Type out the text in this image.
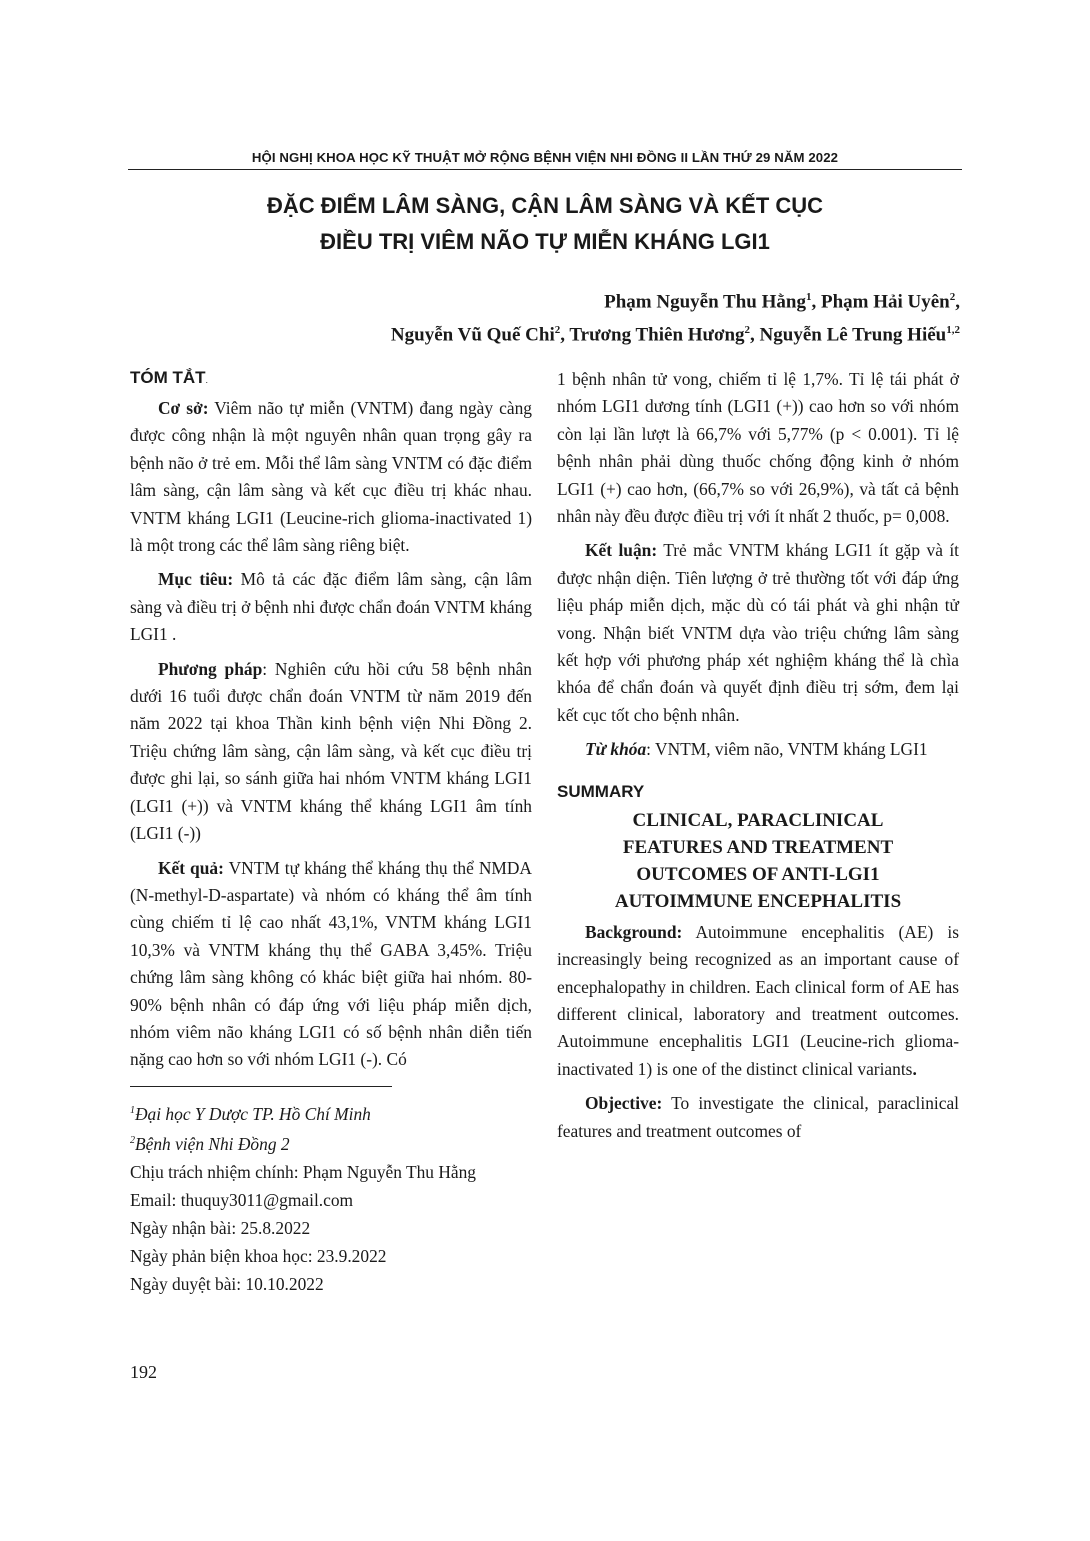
HỘI NGHỊ KHOA HỌC KỸ THUẬT MỞ RỘNG BỆNH VIỆN NHI ĐỒNG II LẦN THỨ 29 NĂM 2022
ĐẶC ĐIỂM LÂM SÀNG, CẬN LÂM SÀNG VÀ KẾT CỤC
ĐIỀU TRỊ VIÊM NÃO TỰ MIỄN KHÁNG LGI1
Phạm Nguyễn Thu Hằng$^1$, Phạm Hải Uyên$^2$,
Nguyễn Vũ Quế Chi$^2$, Trương Thiên Hương$^2$, Nguyễn Lê Trung Hiếu$^{1,2}$
TÓM TẮT.

Cơ sở: Viêm não tự miễn (VNTM) đang ngày càng được công nhận là một nguyên nhân quan trọng gây ra bệnh não ở trẻ em. Mỗi thể lâm sàng VNTM có đặc điểm lâm sàng, cận lâm sàng và kết cục điều trị khác nhau. VNTM kháng LGI1 (Leucine-rich glioma-inactivated 1) là một trong các thể lâm sàng riêng biệt.

Mục tiêu: Mô tả các đặc điểm lâm sàng, cận lâm sàng và điều trị ở bệnh nhi được chẩn đoán VNTM kháng LGI1 .

Phương pháp: Nghiên cứu hồi cứu 58 bệnh nhân dưới 16 tuổi được chẩn đoán VNTM từ năm 2019 đến năm 2022 tại khoa Thần kinh bệnh viện Nhi Đồng 2. Triệu chứng lâm sàng, cận lâm sàng, và kết cục điều trị được ghi lại, so sánh giữa hai nhóm VNTM kháng LGI1 (LGI1 (+)) và VNTM kháng thể kháng LGI1 âm tính (LGI1 (-))

Kết quả: VNTM tự kháng thể kháng thụ thể NMDA (N-methyl-D-aspartate) và nhóm có kháng thể âm tính cùng chiếm tỉ lệ cao nhất 43,1%, VNTM kháng LGI1 10,3% và VNTM kháng thụ thể GABA 3,45%. Triệu chứng lâm sàng không có khác biệt giữa hai nhóm. 80-90% bệnh nhân có đáp ứng với liệu pháp miễn dịch, nhóm viêm não kháng LGI1 có số bệnh nhân diễn tiến nặng cao hơn so với nhóm LGI1 (-). Có

$^1$Đại học Y Dược TP. Hồ Chí Minh

$^2$Bệnh viện Nhi Đồng 2

Chịu trách nhiệm chính: Phạm Nguyễn Thu Hằng

Email: thuquy3011@gmail.com

Ngày nhận bài: 25.8.2022

Ngày phản biện khoa học: 23.9.2022

Ngày duyệt bài: 10.10.2022

1 bệnh nhân tử vong, chiếm tỉ lệ 1,7%. Tỉ lệ tái phát ở nhóm LGI1 dương tính (LGI1 (+)) cao hơn so với nhóm còn lại lần lượt là 66,7% với 5,77% (p < 0.001). Tỉ lệ bệnh nhân phải dùng thuốc chống động kinh ở nhóm LGI1 (+) cao hơn, (66,7% so với 26,9%), và tất cả bệnh nhân này đều được điều trị với ít nhất 2 thuốc, p= 0,008.

Kết luận: Trẻ mắc VNTM kháng LGI1 ít gặp và ít được nhận diện. Tiên lượng ở trẻ thường tốt với đáp ứng liệu pháp miễn dịch, mặc dù có tái phát và ghi nhận tử vong. Nhận biết VNTM dựa vào triệu chứng lâm sàng kết hợp với phương pháp xét nghiệm kháng thể là chìa khóa để chẩn đoán và quyết định điều trị sớm, đem lại kết cục tốt cho bệnh nhân.

Từ khóa: VNTM, viêm não, VNTM kháng LGI1

SUMMARY
CLINICAL, PARACLINICAL
FEATURES AND TREATMENT
OUTCOMES OF ANTI-LGI1
AUTOIMMUNE ENCEPHALITIS

Background: Autoimmune encephalitis (AE) is increasingly being recognized as an important cause of encephalopathy in children. Each clinical form of AE has different clinical, laboratory and treatment outcomes. Autoimmune encephalitis LGI1 (Leucine-rich glioma-inactivated 1) is one of the distinct clinical variants.

Objective: To investigate the clinical, paraclinical features and treatment outcomes of

192
